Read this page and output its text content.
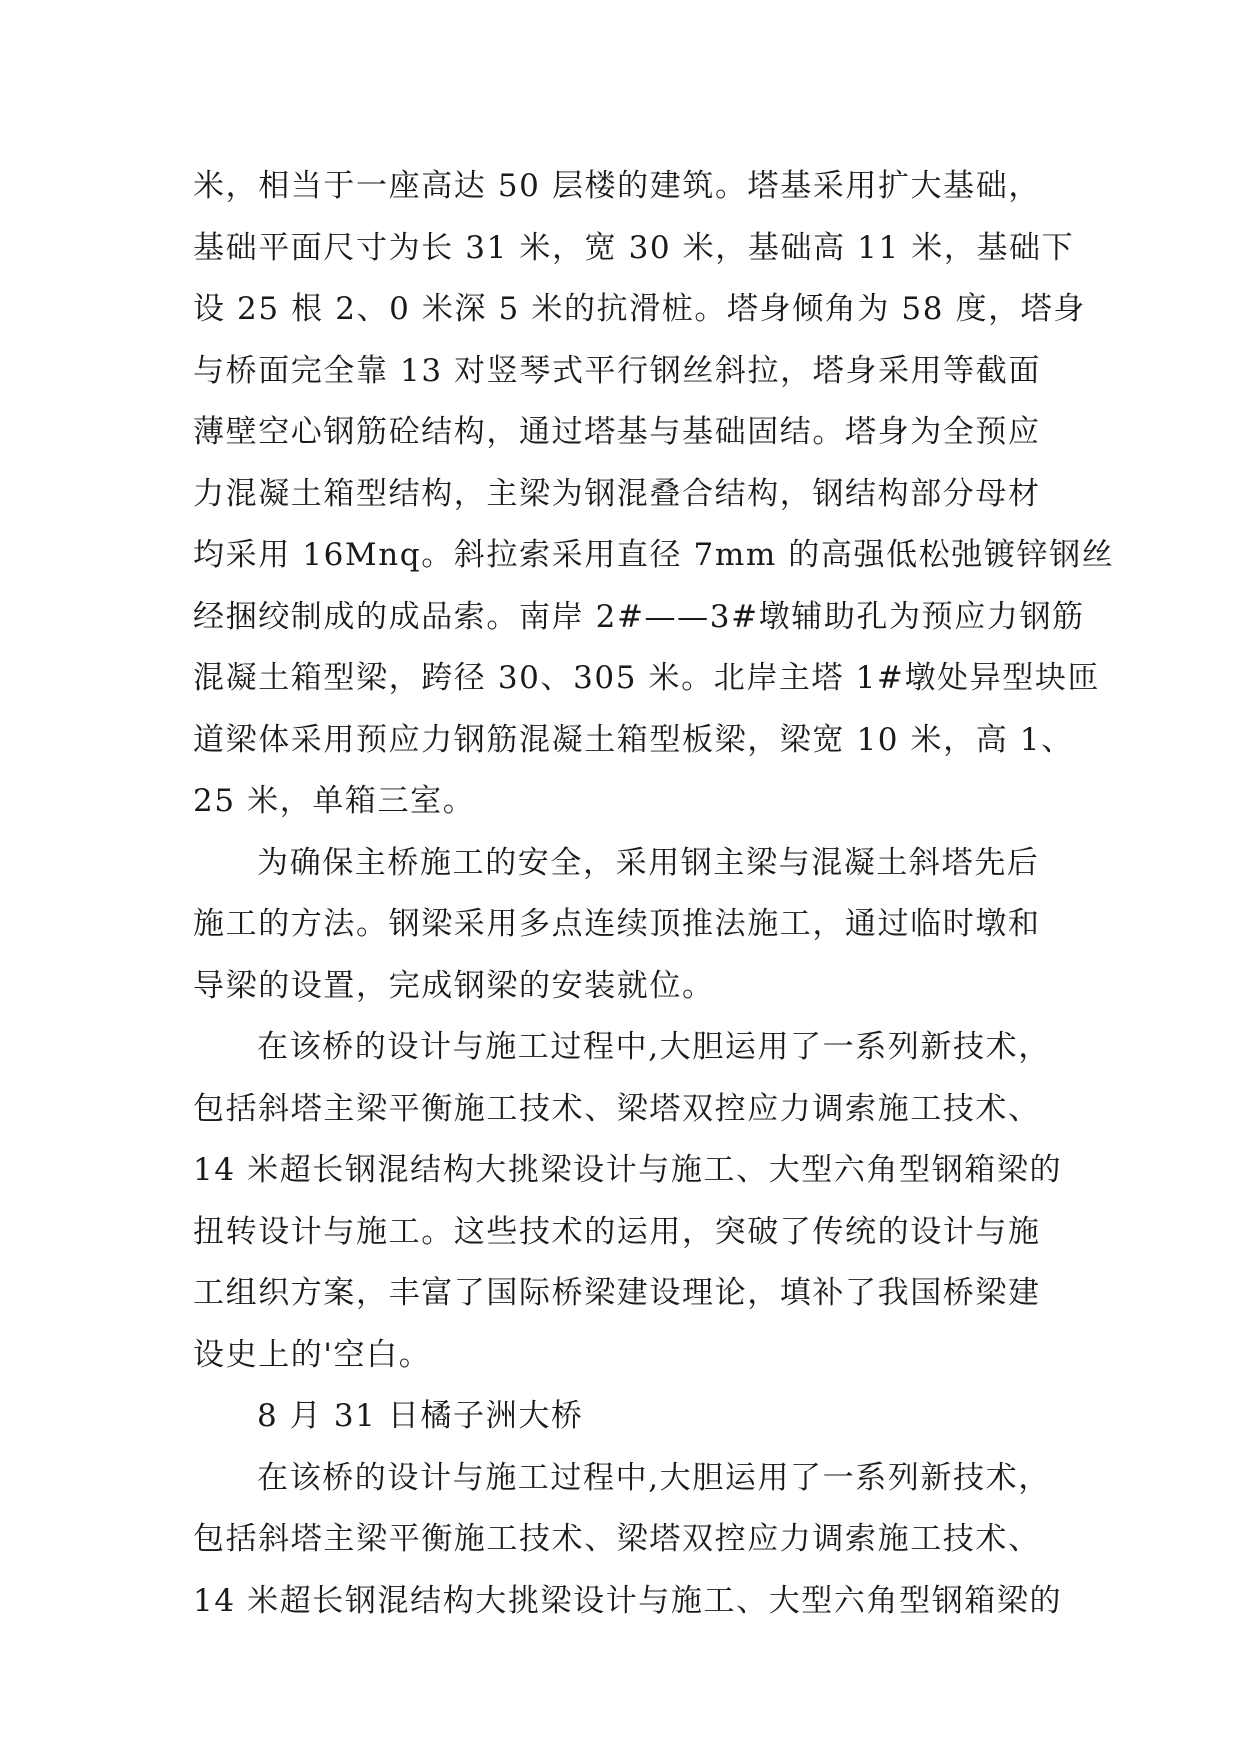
米，相当于一座高达 50 层楼的建筑。塔基采用扩大基础，
基础平面尺寸为长 31 米，宽 30 米，基础高 11 米，基础下
设 25 根 2、0 米深 5 米的抗滑桩。塔身倾角为 58 度，塔身
与桥面完全靠 13 对竖琴式平行钢丝斜拉，塔身采用等截面
薄壁空心钢筋砼结构，通过塔基与基础固结。塔身为全预应
力混凝土箱型结构，主梁为钢混叠合结构，钢结构部分母材
均采用 16Mnq。斜拉索采用直径 7mm 的高强低松弛镀锌钢丝
经捆绞制成的成品索。南岸 2#——3#墩辅助孔为预应力钢筋
混凝土箱型梁，跨径 30、305 米。北岸主塔 1#墩处异型块匝
道梁体采用预应力钢筋混凝土箱型板梁，梁宽 10 米，高 1、
25 米，单箱三室。
为确保主桥施工的安全，采用钢主梁与混凝土斜塔先后
施工的方法。钢梁采用多点连续顶推法施工，通过临时墩和
导梁的设置，完成钢梁的安装就位。
在该桥的设计与施工过程中,大胆运用了一系列新技术，
包括斜塔主梁平衡施工技术、梁塔双控应力调索施工技术、
14 米超长钢混结构大挑梁设计与施工、大型六角型钢箱梁的
扭转设计与施工。这些技术的运用，突破了传统的设计与施
工组织方案，丰富了国际桥梁建设理论，填补了我国桥梁建
设史上的'空白。
8 月 31 日橘子洲大桥
在该桥的设计与施工过程中,大胆运用了一系列新技术，
包括斜塔主梁平衡施工技术、梁塔双控应力调索施工技术、
14 米超长钢混结构大挑梁设计与施工、大型六角型钢箱梁的
